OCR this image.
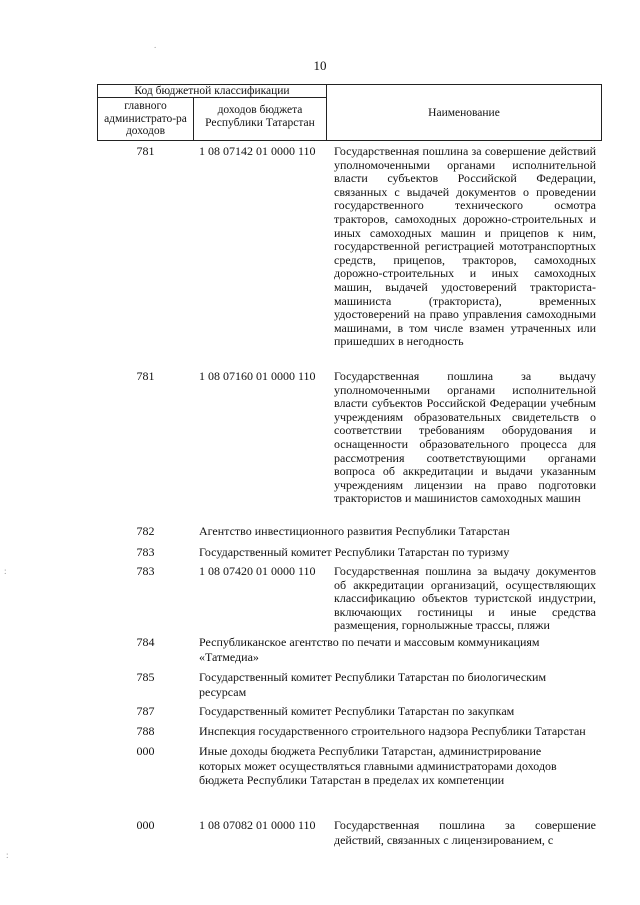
10
Код бюджетной классификации
главного администрато-ра доходов
доходов бюджета Республики Татарстан
Наименование
781	1 08 07142 01 0000 110	Государственная пошлина за совершение действий уполномоченными органами исполнительной власти субъектов Российской Федерации, связанных с выдачей документов о проведении государственного технического осмотра тракторов, самоходных дорожно-строительных и иных самоходных машин и прицепов к ним, государственной регистрацией мототранспортных средств, прицепов, тракторов, самоходных дорожно-строительных и иных самоходных машин, выдачей удостоверений тракториста-машиниста (тракториста), временных удостоверений на право управления самоходными машинами, в том числе взамен утраченных или пришедших в негодность

781	1 08 07160 01 0000 110	Государственная пошлина за выдачу уполномоченными органами исполнительной власти субъектов Российской Федерации учебным учреждениям образовательных свидетельств о соответствии требованиям оборудования и оснащенности образовательного процесса для рассмотрения соответствующими органами вопроса об аккредитации и выдачи указанным учреждениям лицензии на право подготовки трактористов и машинистов самоходных машин

782	Агентство инвестиционного развития Республики Татарстан

783	Государственный комитет Республики Татарстан по туризму

783	1 08 07420 01 0000 110	Государственная пошлина за выдачу документов об аккредитации организаций, осуществляющих классификацию объектов туристской индустрии, включающих гостиницы и иные средства размещения, горнолыжные трассы, пляжи

784	Республиканское агентство по печати и массовым коммуникациям «Татмедиа»

785	Государственный комитет Республики Татарстан по биологическим ресурсам

787	Государственный комитет Республики Татарстан по закупкам

788	Инспекция государственного строительного надзора Республики Татарстан

000	Иные доходы бюджета Республики Татарстан, администрирование которых может осуществляться главными администраторами доходов бюджета Республики Татарстан в пределах их компетенции

000	1 08 07082 01 0000 110	Государственная пошлина за совершение действий, связанных с лицензированием, с

.
:
:
